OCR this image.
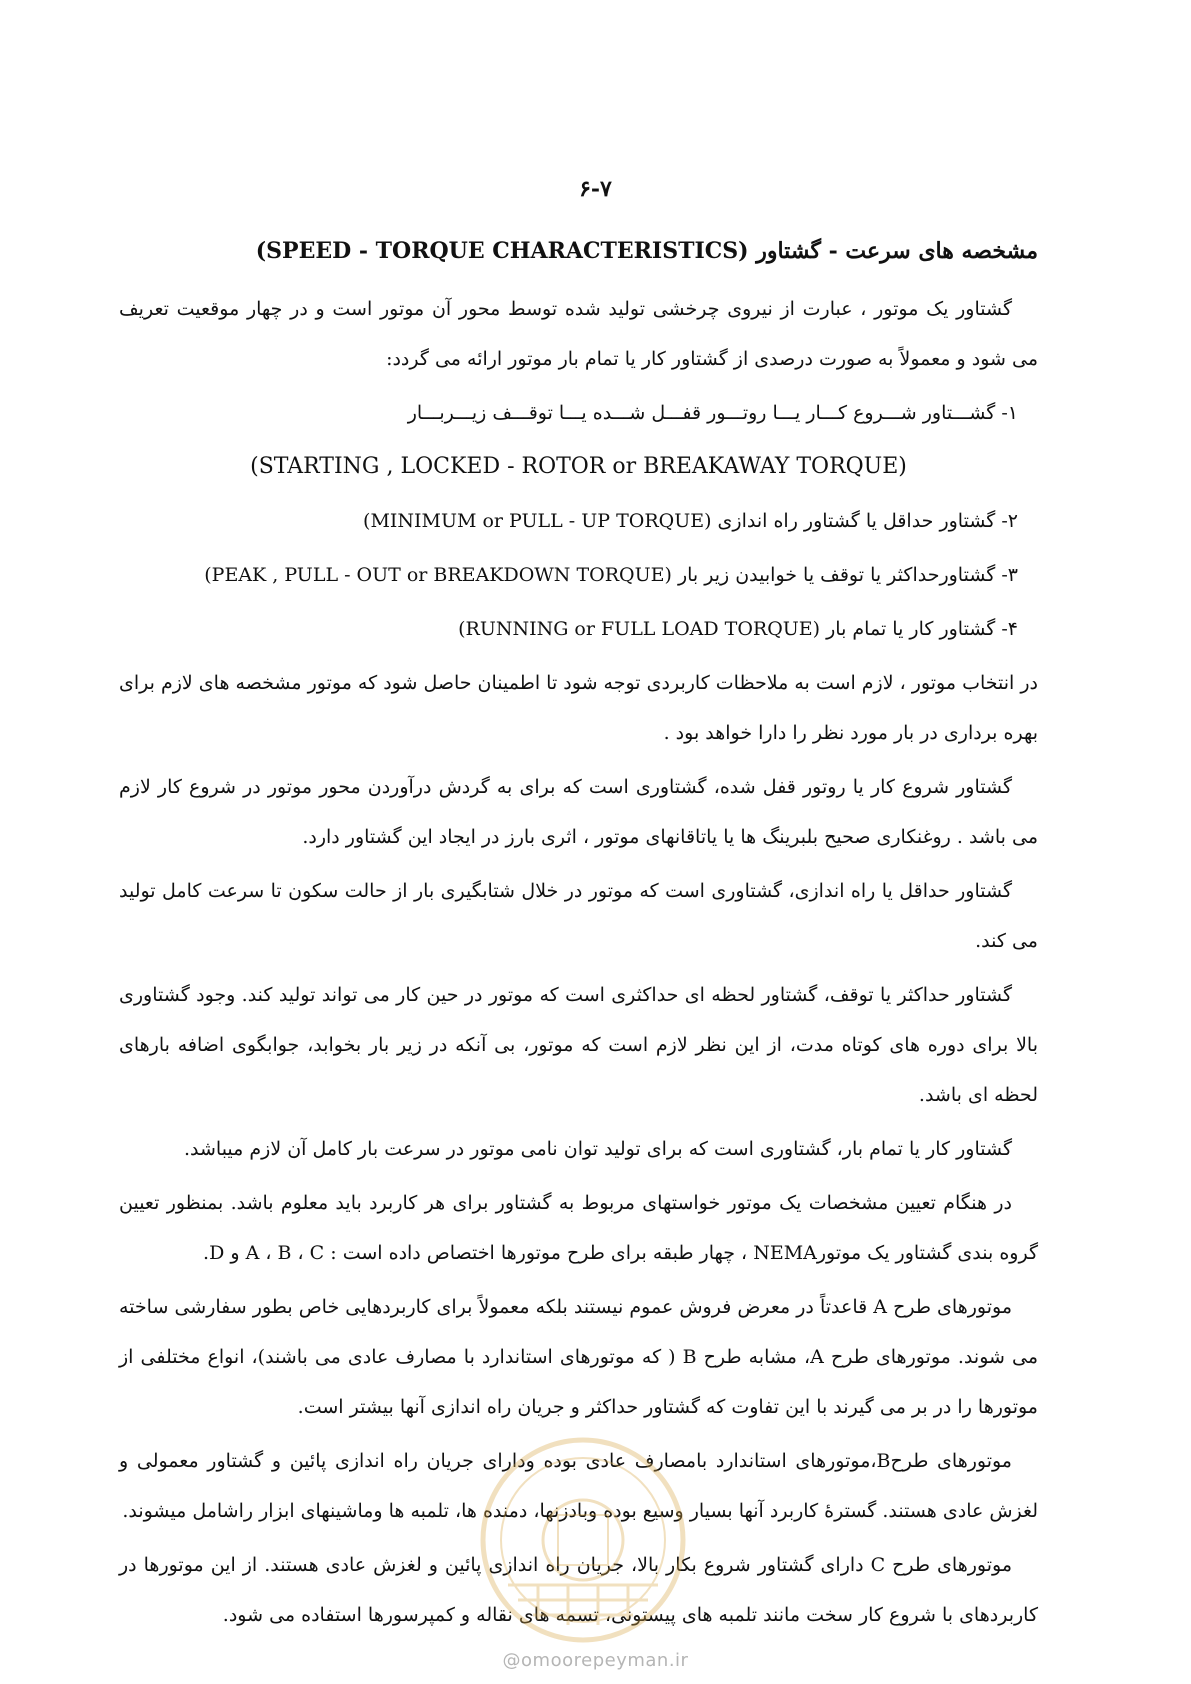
۶-۷
مشخصه های سرعت - گشتاور (SPEED - TORQUE CHARACTERISTICS)

گشتاور یک موتور ، عبارت از نیروی چرخشی تولید شده توسط محور آن موتور است و در چهار موقعیت تعریف می شود و معمولاً به صورت درصدی از گشتاور کار یا تمام بار موتور ارائه می گردد:

۱- گشـــتاور شـــروع کـــار یـــا روتـــور قفـــل شـــده یـــا توقـــف زیـــربـــار

(STARTING , LOCKED - ROTOR or BREAKAWAY TORQUE)

۲- گشتاور حداقل یا گشتاور راه اندازی (MINIMUM or PULL - UP TORQUE)

۳- گشتاورحداکثر یا توقف یا خوابیدن زیر بار (PEAK , PULL - OUT or BREAKDOWN TORQUE)

۴- گشتاور کار یا تمام بار (RUNNING or FULL LOAD TORQUE)

در انتخاب موتور ، لازم است به ملاحظات کاربردی توجه شود تا اطمینان حاصل شود که موتور مشخصه های لازم برای بهره برداری در بار مورد نظر را دارا خواهد بود .

گشتاور شروع کار یا روتور قفل شده، گشتاوری است که برای به گردش درآوردن محور موتور در شروع کار لازم می باشد . روغنکاری صحیح بلبرینگ ها یا یاتاقانهای موتور ، اثری بارز در ایجاد این گشتاور دارد.

گشتاور حداقل یا راه اندازی، گشتاوری است که موتور در خلال شتابگیری بار از حالت سکون تا سرعت کامل تولید می کند.

گشتاور حداکثر یا توقف، گشتاور لحظه ای حداکثری است که موتور در حین کار می تواند تولید کند. وجود گشتاوری بالا برای دوره های کوتاه مدت، از این نظر لازم است که موتور، بی آنکه در زیر بار بخوابد، جوابگوی اضافه بارهای لحظه ای باشد.

گشتاور کار یا تمام بار، گشتاوری است که برای تولید توان نامی موتور در سرعت بار کامل آن لازم میباشد.

در هنگام تعیین مشخصات یک موتور خواستهای مربوط به گشتاور برای هر کاربرد باید معلوم باشد. بمنظور تعیین گروه بندی گشتاور یک موتورNEMA ، چهار طبقه برای طرح موتورها اختصاص داده است : A ، B ، C و D.

موتورهای طرح A قاعدتاً در معرض فروش عموم نیستند بلکه معمولاً برای کاربردهایی خاص بطور سفارشی ساخته می شوند. موتورهای طرح A، مشابه طرح B ( که موتورهای استاندارد با مصارف عادی می باشند)، انواع مختلفی از موتورها را در بر می گیرند با این تفاوت که گشتاور حداکثر و جریان راه اندازی آنها بیشتر است.

موتورهای طرحB،موتورهای استاندارد بامصارف عادی بوده ودارای جریان راه اندازی پائین و گشتاور معمولی و لغزش عادی هستند. گسترهٔ کاربرد آنها بسیار وسیع بوده وبادزنها، دمنده ها، تلمبه ها وماشینهای ابزار راشامل میشوند.

موتورهای طرح C دارای گشتاور شروع بکار بالا، جریان راه اندازی پائین و لغزش عادی هستند. از این موتورها در کاربردهای با شروع کار سخت مانند تلمبه های پیستونی، تسمه های نقاله و کمپرسورها استفاده می شود.

@omoorepeyman.ir
